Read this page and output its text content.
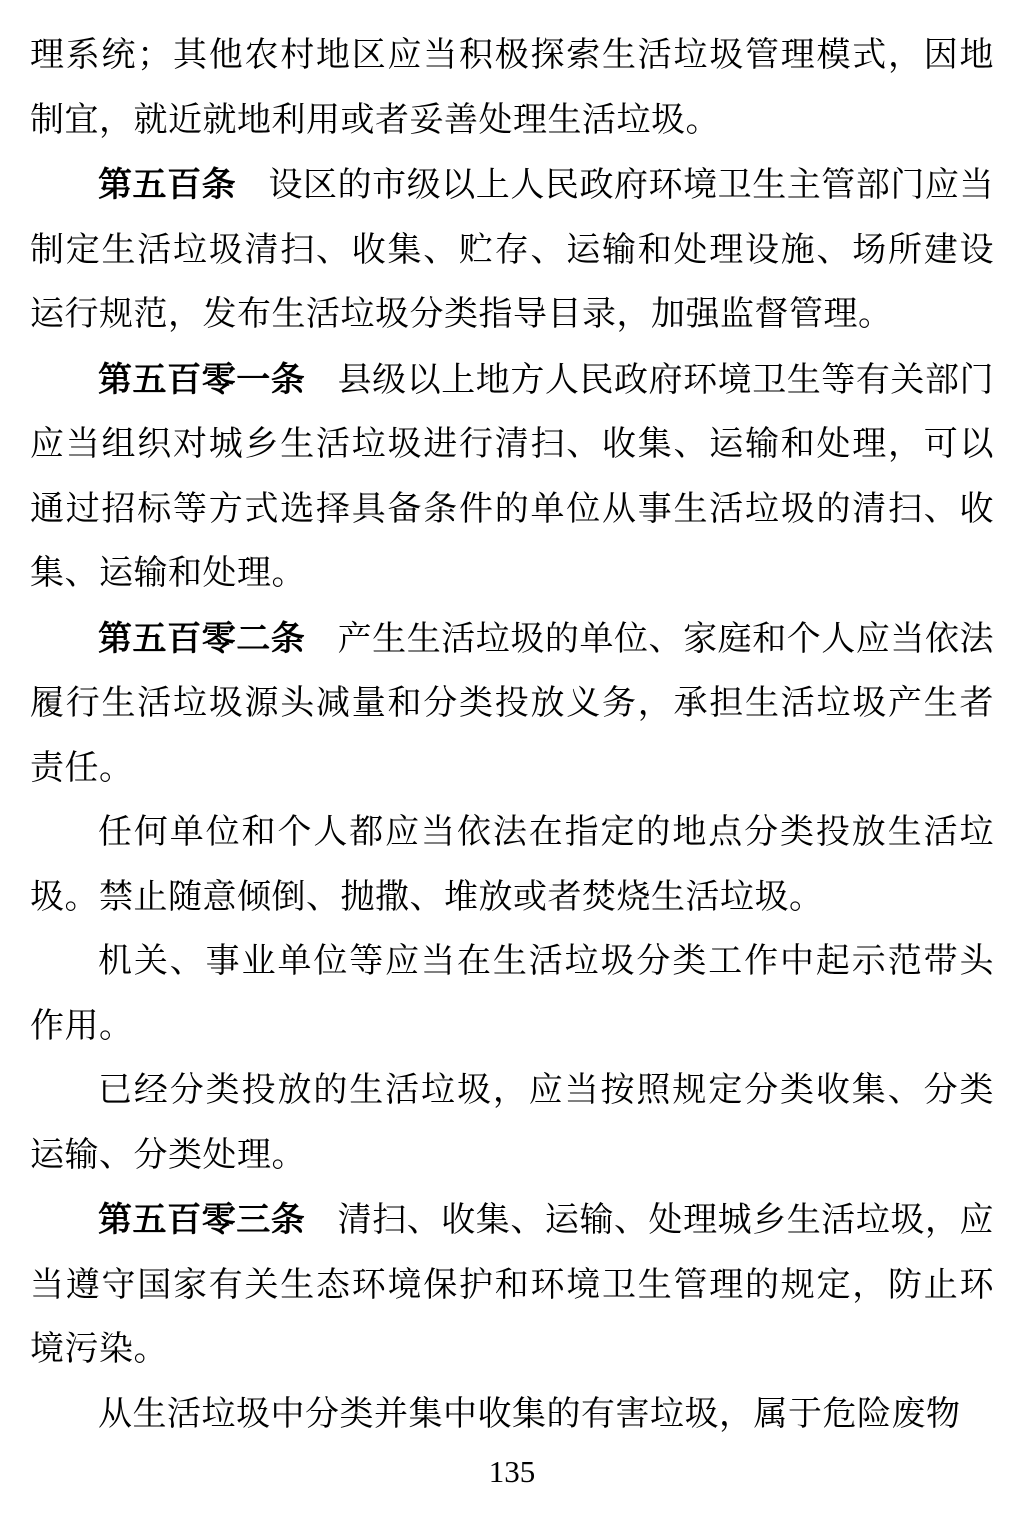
理系统；其他农村地区应当积极探索生活垃圾管理模式，因地制宜，就近就地利用或者妥善处理生活垃圾。
第五百条 设区的市级以上人民政府环境卫生主管部门应当制定生活垃圾清扫、收集、贮存、运输和处理设施、场所建设运行规范，发布生活垃圾分类指导目录，加强监督管理。
第五百零一条 县级以上地方人民政府环境卫生等有关部门应当组织对城乡生活垃圾进行清扫、收集、运输和处理，可以通过招标等方式选择具备条件的单位从事生活垃圾的清扫、收集、运输和处理。
第五百零二条 产生生活垃圾的单位、家庭和个人应当依法履行生活垃圾源头减量和分类投放义务，承担生活垃圾产生者责任。
任何单位和个人都应当依法在指定的地点分类投放生活垃圾。禁止随意倾倒、抛撒、堆放或者焚烧生活垃圾。
机关、事业单位等应当在生活垃圾分类工作中起示范带头作用。
已经分类投放的生活垃圾，应当按照规定分类收集、分类运输、分类处理。
第五百零三条 清扫、收集、运输、处理城乡生活垃圾，应当遵守国家有关生态环境保护和环境卫生管理的规定，防止环境污染。
从生活垃圾中分类并集中收集的有害垃圾，属于危险废物
135
